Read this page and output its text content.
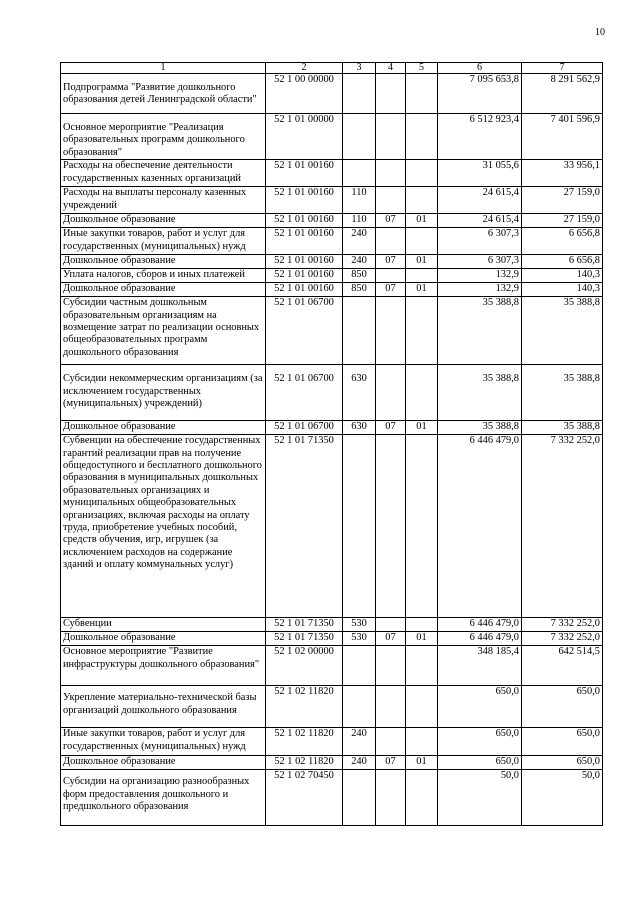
10
1	2	3	4	5	6	7
Подпрограмма "Развитие дошкольного образования детей Ленинградской области"	52 1 00 00000				7 095 653,8	8 291 562,9
Основное мероприятие "Реализация образовательных программ дошкольного образования"	52 1 01 00000				6 512 923,4	7 401 596,9
Расходы на обеспечение деятельности государственных казенных организаций	52 1 01 00160				31 055,6	33 956,1
Расходы на выплаты персоналу казенных учреждений	52 1 01 00160	110			24 615,4	27 159,0
Дошкольное образование	52 1 01 00160	110	07	01	24 615,4	27 159,0
Иные закупки товаров, работ и услуг для государственных (муниципальных) нужд	52 1 01 00160	240			6 307,3	6 656,8
Дошкольное образование	52 1 01 00160	240	07	01	6 307,3	6 656,8
Уплата налогов, сборов и иных платежей	52 1 01 00160	850			132,9	140,3
Дошкольное образование	52 1 01 00160	850	07	01	132,9	140,3
Субсидии частным дошкольным образовательным организациям на возмещение затрат по реализации основных общеобразовательных программ дошкольного образования	52 1 01 06700				35 388,8	35 388,8
Субсидии некоммерческим организациям (за исключением государственных (муниципальных) учреждений)	52 1 01 06700	630			35 388,8	35 388,8
Дошкольное образование	52 1 01 06700	630	07	01	35 388,8	35 388,8
Субвенции на обеспечение государственных гарантий реализации прав на получение общедоступного и бесплатного дошкольного образования в муниципальных дошкольных образовательных организациях и муниципальных общеобразовательных организациях, включая расходы на оплату труда, приобретение учебных пособий, средств обучения, игр, игрушек (за исключением расходов на содержание зданий и оплату коммунальных услуг)	52 1 01 71350				6 446 479,0	7 332 252,0
Субвенции	52 1 01 71350	530			6 446 479,0	7 332 252,0
Дошкольное образование	52 1 01 71350	530	07	01	6 446 479,0	7 332 252,0
Основное мероприятие "Развитие инфраструктуры дошкольного образования"	52 1 02 00000				348 185,4	642 514,5
Укрепление материально-технической базы организаций дошкольного образования	52 1 02 11820				650,0	650,0
Иные закупки товаров, работ и услуг для государственных (муниципальных) нужд	52 1 02 11820	240			650,0	650,0
Дошкольное образование	52 1 02 11820	240	07	01	650,0	650,0
Субсидии на организацию разнообразных форм предоставления дошкольного и предшкольного образования	52 1 02 70450				50,0	50,0
